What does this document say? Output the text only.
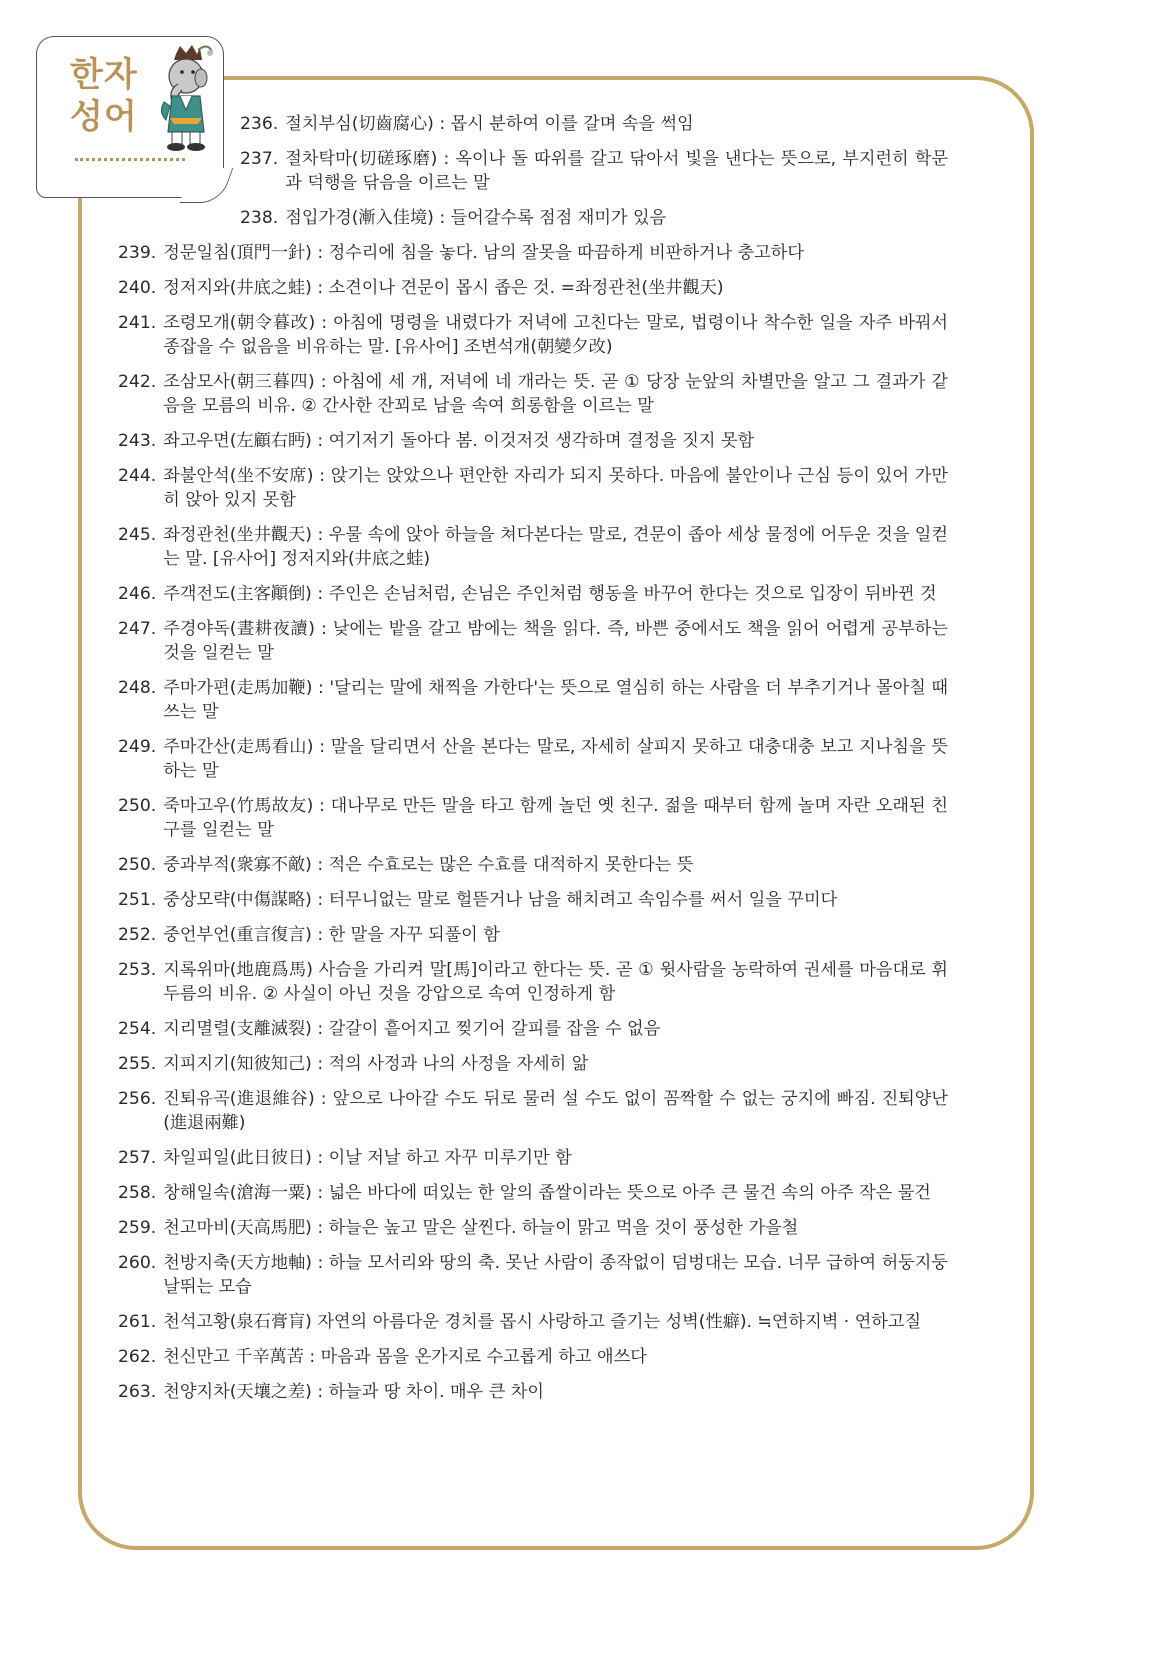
한자 성어	236. 절치부심(切齒腐心) : 몹시 분하여 이를 갈며 속을 썩임
237. 절차탁마(切磋琢磨) : 옥이나 돌 따위를 갈고 닦아서 빛을 낸다는 뜻으로, 부지런히 학문과 덕행을 닦음을 이르는 말
238. 점입가경(漸入佳境) : 들어갈수록 점점 재미가 있음
239. 정문일침(頂門一針) : 정수리에 침을 놓다. 남의 잘못을 따끔하게 비판하거나 충고하다
240. 정저지와(井底之蛙) : 소견이나 견문이 몹시 좁은 것. =좌정관천(坐井觀天)
241. 조령모개(朝令暮改) : 아침에 명령을 내렸다가 저녁에 고친다는 말로, 법령이나 착수한 일을 자주 바꿔서 종잡을 수 없음을 비유하는 말. [유사어] 조변석개(朝變夕改)
242. 조삼모사(朝三暮四) : 아침에 세 개, 저녁에 네 개라는 뜻. 곧 ① 당장 눈앞의 차별만을 알고 그 결과가 같음을 모름의 비유. ② 간사한 잔꾀로 남을 속여 희롱함을 이르는 말
243. 좌고우면(左顧右眄) : 여기저기 돌아다 봄. 이것저것 생각하며 결정을 짓지 못함
244. 좌불안석(坐不安席) : 앉기는 앉았으나 편안한 자리가 되지 못하다. 마음에 불안이나 근심 등이 있어 가만히 앉아 있지 못함
245. 좌정관천(坐井觀天) : 우물 속에 앉아 하늘을 쳐다본다는 말로, 견문이 좁아 세상 물정에 어두운 것을 일컫는 말. [유사어] 정저지와(井底之蛙)
246. 주객전도(主客顚倒) : 주인은 손님처럼, 손님은 주인처럼 행동을 바꾸어 한다는 것으로 입장이 뒤바뀐 것
247. 주경야독(晝耕夜讀) : 낮에는 밭을 갈고 밤에는 책을 읽다. 즉, 바쁜 중에서도 책을 읽어 어렵게 공부하는 것을 일컫는 말
248. 주마가편(走馬加鞭) : '달리는 말에 채찍을 가한다'는 뜻으로 열심히 하는 사람을 더 부추기거나 몰아칠 때 쓰는 말
249. 주마간산(走馬看山) : 말을 달리면서 산을 본다는 말로, 자세히 살피지 못하고 대충대충 보고 지나침을 뜻하는 말
250. 죽마고우(竹馬故友) : 대나무로 만든 말을 타고 함께 놀던 옛 친구. 젊을 때부터 함께 놀며 자란 오래된 친구를 일컫는 말
250. 중과부적(衆寡不敵) : 적은 수효로는 많은 수효를 대적하지 못한다는 뜻
251. 중상모략(中傷謀略) : 터무니없는 말로 헐뜯거나 남을 해치려고 속임수를 써서 일을 꾸미다
252. 중언부언(重言復言) : 한 말을 자꾸 되풀이 함
253. 지록위마(地鹿爲馬) 사슴을 가리켜 말[馬]이라고 한다는 뜻. 곧 ① 윗사람을 농락하여 권세를 마음대로 휘두름의 비유. ② 사실이 아닌 것을 강압으로 속여 인정하게 함
254. 지리멸렬(支離滅裂) : 갈갈이 흩어지고 찢기어 갈피를 잡을 수 없음
255. 지피지기(知彼知己) : 적의 사정과 나의 사정을 자세히 앎
256. 진퇴유곡(進退維谷) : 앞으로 나아갈 수도 뒤로 물러 설 수도 없이 꼼짝할 수 없는 궁지에 빠짐. 진퇴양난(進退兩難)
257. 차일피일(此日彼日) : 이날 저날 하고 자꾸 미루기만 함
258. 창해일속(滄海一粟) : 넓은 바다에 떠있는 한 알의 좁쌀이라는 뜻으로 아주 큰 물건 속의 아주 작은 물건
259. 천고마비(天高馬肥) : 하늘은 높고 말은 살찐다. 하늘이 맑고 먹을 것이 풍성한 가을철
260. 천방지축(天方地軸) : 하늘 모서리와 땅의 축. 못난 사람이 종작없이 덤벙대는 모습. 너무 급하여 허둥지둥 날뛰는 모습
261. 천석고황(泉石膏肓) 자연의 아름다운 경치를 몹시 사랑하고 즐기는 성벽(性癖). ≒연하지벽 · 연하고질
262. 천신만고 千辛萬苦 : 마음과 몸을 온가지로 수고롭게 하고 애쓰다
263. 천양지차(天壤之差) : 하늘과 땅 차이. 매우 큰 차이
